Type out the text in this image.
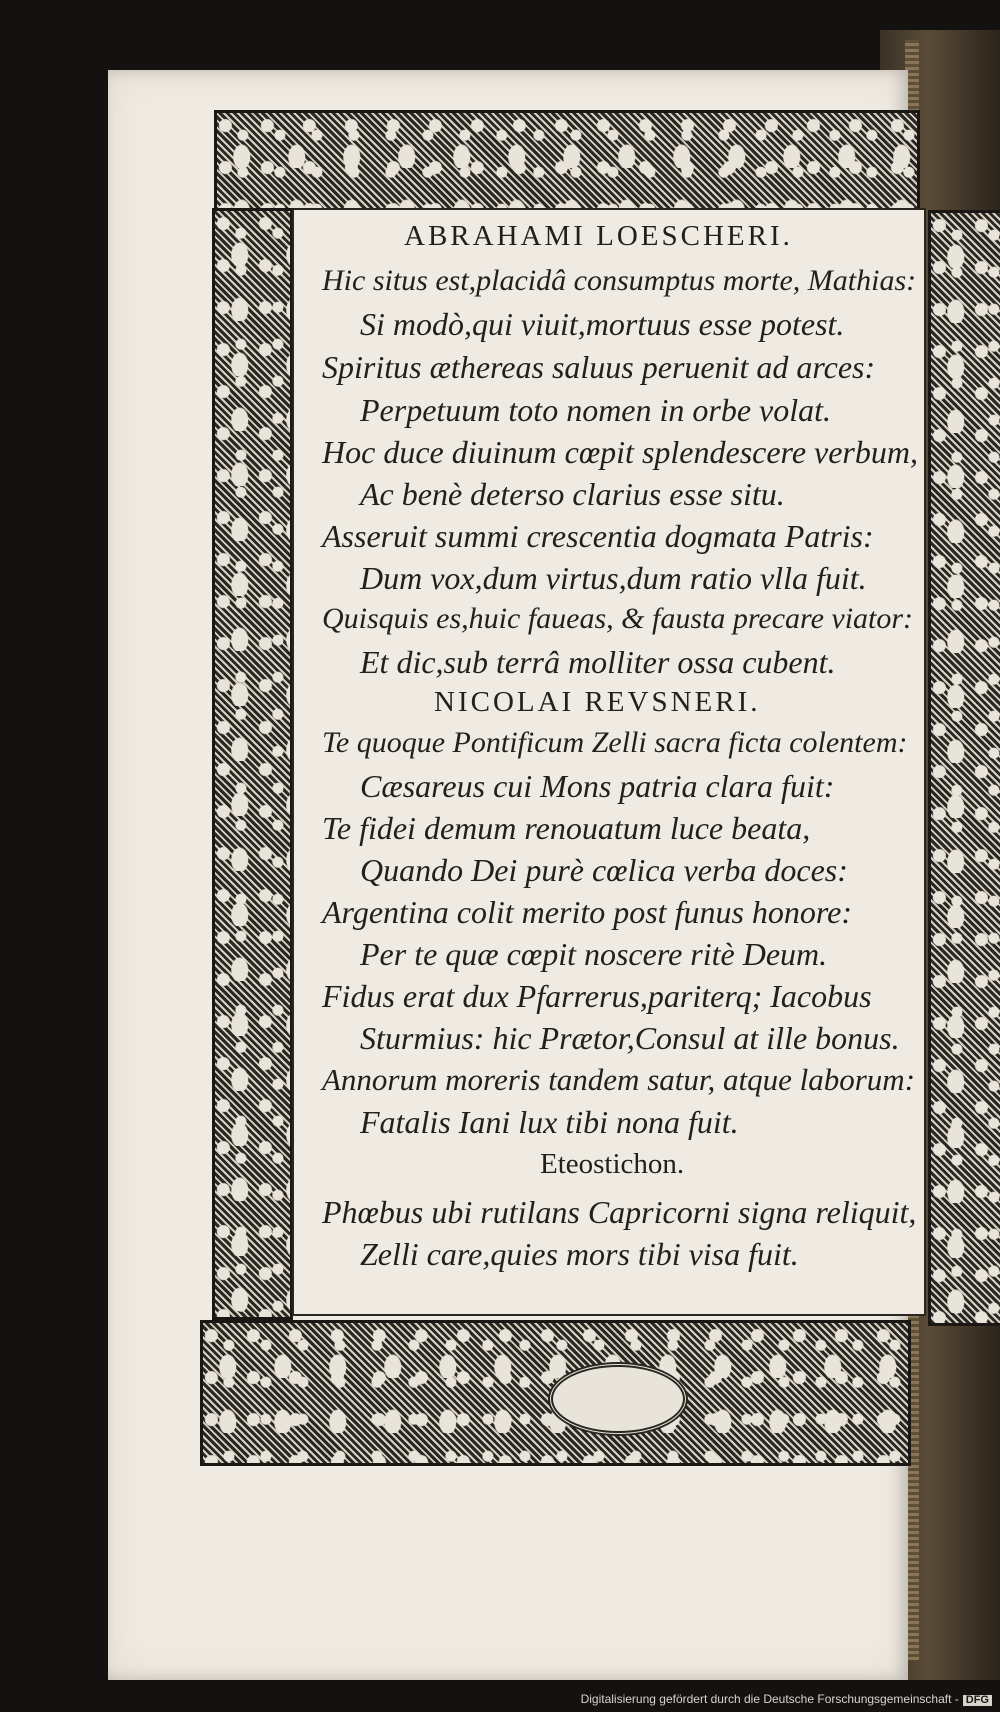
ABRAHAMI LOESCHERI.
Hic situs est,placidâ consumptus morte, Mathias:
Si modò,qui viuit,mortuus esse potest.
Spiritus æthereas saluus peruenit ad arces:
Perpetuum toto nomen in orbe volat.
Hoc duce diuinum cœpit splendescere verbum,
Ac benè deterso clarius esse situ.
Asseruit summi crescentia dogmata Patris:
Dum vox,dum virtus,dum ratio vlla fuit.
Quisquis es,huic faueas, & fausta precare viator:
Et dic,sub terrâ molliter ossa cubent.
NICOLAI REVSNERI.
Te quoque Pontificum Zelli sacra ficta colentem:
Cæsareus cui Mons patria clara fuit:
Te fidei demum renouatum luce beata,
Quando Dei purè cœlica verba doces:
Argentina colit merito post funus honore:
Per te quæ cœpit noscere ritè Deum.
Fidus erat dux Pfarrerus,pariterq; Iacobus
Sturmius: hic Prætor,Consul at ille bonus.
Annorum moreris tandem satur, atque laborum:
Fatalis Iani lux tibi nona fuit.
Eteostichon.
Phœbus ubi rutilans Capricorni signa reliquit,
Zelli care,quies mors tibi visa fuit.
Digitalisierung gefördert durch die Deutsche Forschungsgemeinschaft - DFG
